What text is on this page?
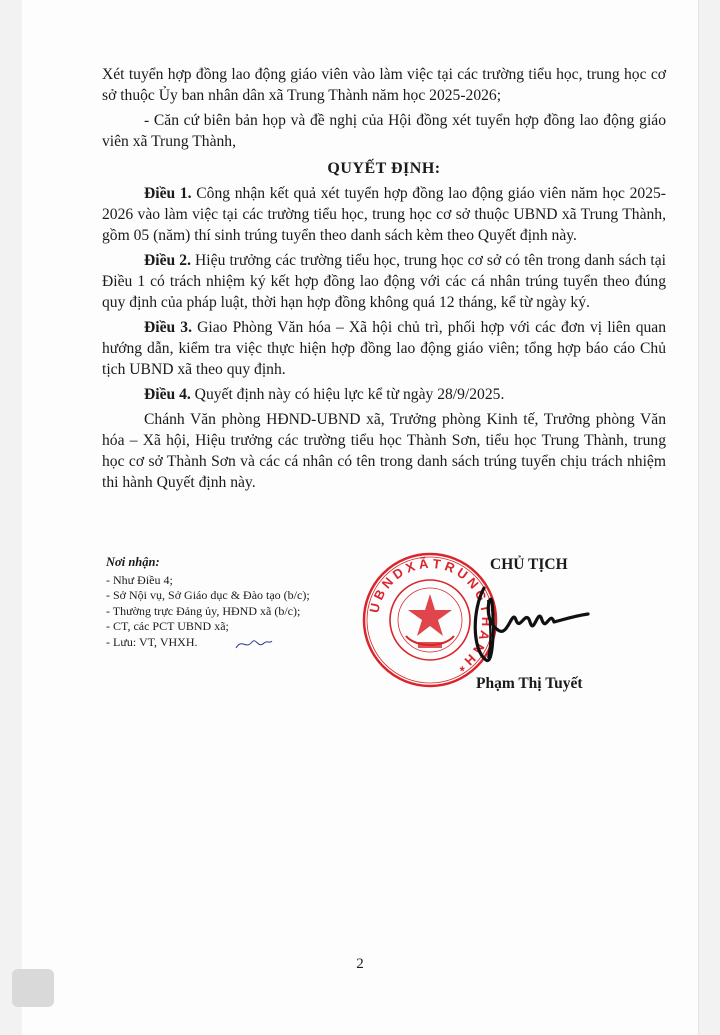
Xét tuyển hợp đồng lao động giáo viên vào làm việc tại các trường tiểu học, trung học cơ sở thuộc Ủy ban nhân dân xã Trung Thành năm học 2025-2026;

- Căn cứ biên bản họp và đề nghị của Hội đồng xét tuyển hợp đồng lao động giáo viên xã Trung Thành,

QUYẾT ĐỊNH:

Điều 1. Công nhận kết quả xét tuyển hợp đồng lao động giáo viên năm học 2025-2026 vào làm việc tại các trường tiểu học, trung học cơ sở thuộc UBND xã Trung Thành, gồm 05 (năm) thí sinh trúng tuyển theo danh sách kèm theo Quyết định này.

Điều 2. Hiệu trưởng các trường tiểu học, trung học cơ sở có tên trong danh sách tại Điều 1 có trách nhiệm ký kết hợp đồng lao động với các cá nhân trúng tuyển theo đúng quy định của pháp luật, thời hạn hợp đồng không quá 12 tháng, kể từ ngày ký.

Điều 3. Giao Phòng Văn hóa – Xã hội chủ trì, phối hợp với các đơn vị liên quan hướng dẫn, kiểm tra việc thực hiện hợp đồng lao động giáo viên; tổng hợp báo cáo Chủ tịch UBND xã theo quy định.

Điều 4. Quyết định này có hiệu lực kể từ ngày 28/9/2025.

Chánh Văn phòng HĐND-UBND xã, Trưởng phòng Kinh tế, Trưởng phòng Văn hóa – Xã hội, Hiệu trưởng các trường tiểu học Thành Sơn, tiểu học Trung Thành, trung học cơ sở Thành Sơn và các cá nhân có tên trong danh sách trúng tuyển chịu trách nhiệm thi hành Quyết định này.

Nơi nhận:
- Như Điều 4;
- Sở Nội vụ, Sở Giáo dục & Đào tạo (b/c);
- Thường trực Đảng ủy, HĐND xã (b/c);
- CT, các PCT UBND xã;
- Lưu: VT, VHXH.
U B N D X Ã T R U N G T H À N H *
CHỦ TỊCH
Phạm Thị Tuyết
2
